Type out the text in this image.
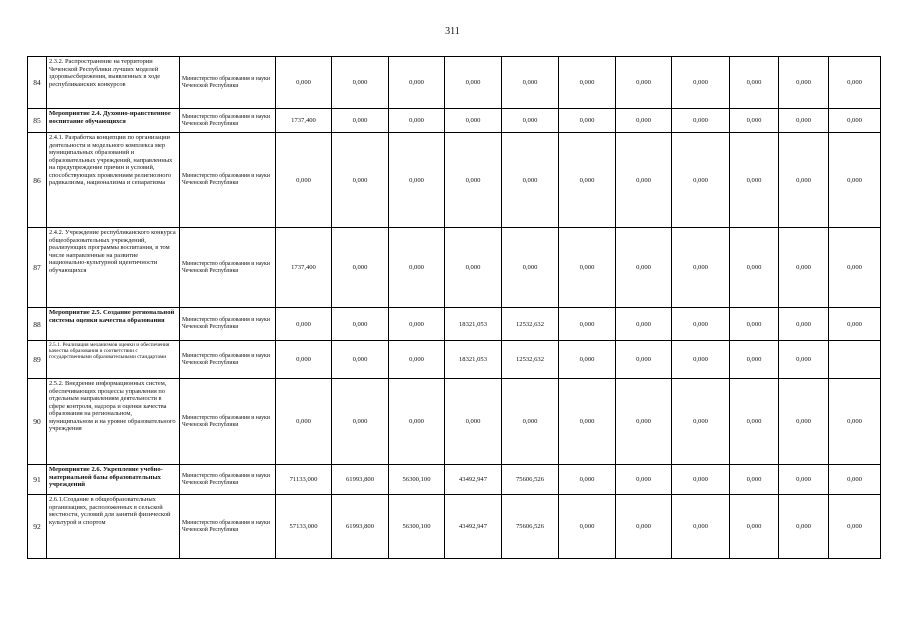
311
84	2.3.2. Распространение на территории Чеченской Республики лучших моделей здоровьесбережения, выявленных в ходе республиканских конкурсов	Министерство образования и науки Чеченской Республики	0,000	0,000	0,000	0,000	0,000	0,000	0,000	0,000	0,000	0,000	0,000
85	Мероприятие 2.4. Духовно-нравственное воспитание обучающихся	Министерство образования и науки Чеченской Республики	1737,400	0,000	0,000	0,000	0,000	0,000	0,000	0,000	0,000	0,000	0,000
86	2.4.1. Разработка концепции по организации деятельности и модельного комплекса мер муниципальных образований и образовательных учреждений, направленных на предупреждение причин и условий, способствующих проявлениям религиозного радикализма, национализма и сепаратизма	Министерство образования и науки Чеченской Республики	0,000	0,000	0,000	0,000	0,000	0,000	0,000	0,000	0,000	0,000	0,000
87	2.4.2. Учреждение республиканского конкурса общеобразовательных учреждений, реализующих программы воспитания, в том числе направленные на развитие национально-культурной идентичности обучающихся	Министерство образования и науки Чеченской Республики	1737,400	0,000	0,000	0,000	0,000	0,000	0,000	0,000	0,000	0,000	0,000
88	Мероприятие 2.5. Создание региональной системы оценки качества образования	Министерство образования и науки Чеченской Республики	0,000	0,000	0,000	18321,053	12532,632	0,000	0,000	0,000	0,000	0,000	0,000
89	2.5.1. Реализация механизмов оценки и обеспечения качества образования в соответствии с государственными образовательными стандартами	Министерство образования и науки Чеченской Республики	0,000	0,000	0,000	18321,053	12532,632	0,000	0,000	0,000	0,000	0,000	
90	2.5.2. Внедрение информационных систем, обеспечивающих процессы управления по отдельным направлениям деятельности в сфере контроля, надзора и оценки качества образования на региональном, муниципальном и на уровне образовательного учреждения	Министерство образования и науки Чеченской Республики	0,000	0,000	0,000	0,000	0,000	0,000	0,000	0,000	0,000	0,000	0,000
91	Мероприятие 2.6. Укрепление учебно-материальной базы образовательных учреждений	Министерство образования и науки Чеченской Республики	71133,000	61993,800	56300,100	43492,947	75606,526	0,000	0,000	0,000	0,000	0,000	0,000
92	2.6.1.Создание в общеобразовательных организациях, расположенных в сельской местности, условий для занятий физической культурой и спортом	Министерство образования и науки Чеченской Республики	57133,000	61993,800	56300,100	43492,947	75606,526	0,000	0,000	0,000	0,000	0,000	0,000
